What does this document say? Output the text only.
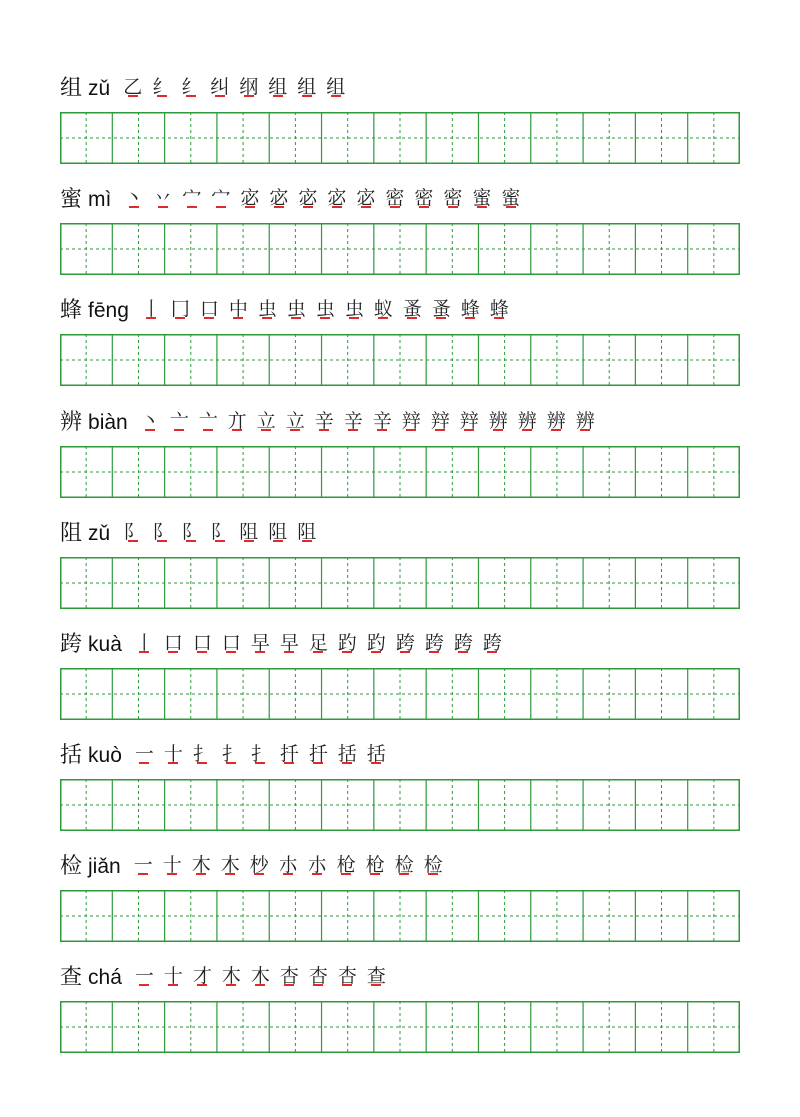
组 zǔ 乙 纟 纟 纠 纲 组 组 组
蜜 mì 丶 丷 宀 宀 宓 宓 宓 宓 宓 密 密 密 蜜 蜜
蜂 fēng 丨 冂 口 中 虫 虫 虫 虫 蚁 蚤 蚤 蜂 蜂
辨 biàn 丶 亠 亠 亣 立 立 辛 辛 辛 辡 辡 辡 辨 辨 辨 辨
阻 zǔ 阝 阝 阝 阝 阻 阻 阻
跨 kuà 丨 口 口 口 早 早 足 趵 趵 跨 跨 跨 跨
括 kuò 一 十 扌 扌 扌 扦 扦 括 括
检 jiǎn 一 十 木 木 杪 朩 朩 枪 枪 检 检
查 chá 一 十 才 木 木 杏 杏 杏 查
